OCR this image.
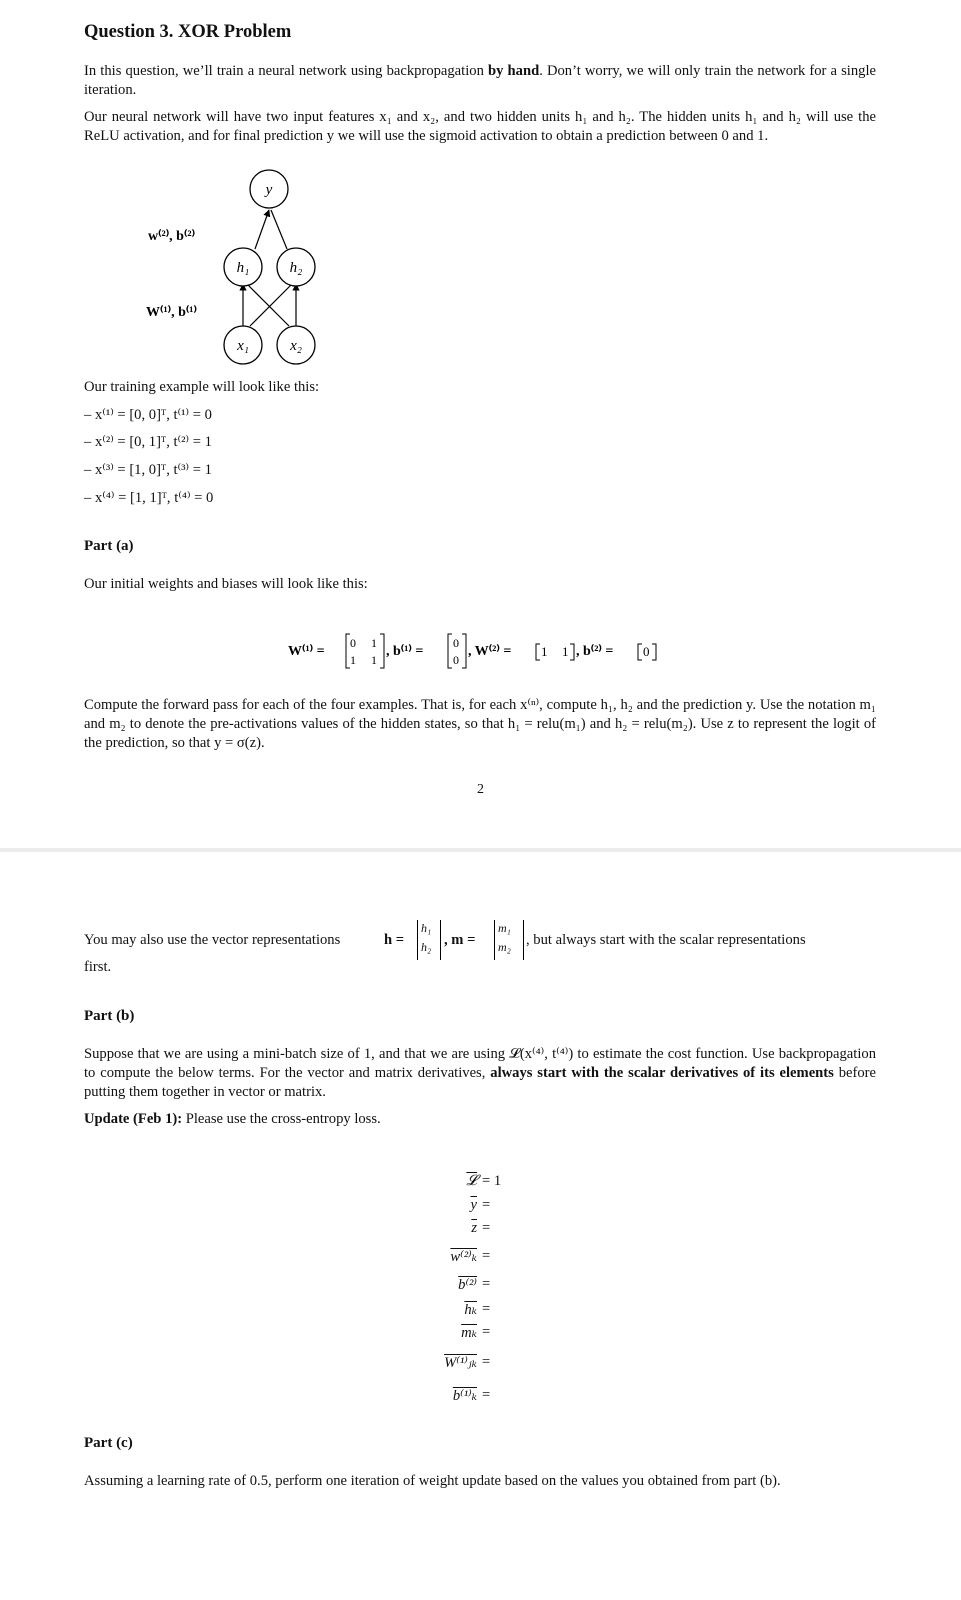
Question 3. XOR Problem

In this question, we’ll train a neural network using backpropagation by hand. Don’t worry, we will only train the network for a single iteration.

Our neural network will have two input features x₁ and x₂, and two hidden units h₁ and h₂. The hidden units h₁ and h₂ will use the ReLU activation, and for final prediction y we will use the sigmoid activation to obtain a prediction between 0 and 1.

y
h₁	h₂
x₁	x₂
w⁽²⁾, b⁽²⁾
W⁽¹⁾, b⁽¹⁾

Our training example will look like this:

– x⁽¹⁾ = [0, 0]ᵀ, t⁽¹⁾ = 0
– x⁽²⁾ = [0, 1]ᵀ, t⁽²⁾ = 1
– x⁽³⁾ = [1, 0]ᵀ, t⁽³⁾ = 1
– x⁽⁴⁾ = [1, 1]ᵀ, t⁽⁴⁾ = 0
Part (a)

Our initial weights and biases will look like this:

W⁽¹⁾ =
0 1
1 1
, b⁽¹⁾ =
0
0
, W⁽²⁾ = 1 1 , b⁽²⁾ = 0

Compute the forward pass for each of the four examples. That is, for each x⁽ⁿ⁾, compute h₁, h₂ and the prediction y. Use the notation m₁ and m₂ to denote the pre-activations values of the hidden states, so that h₁ = relu(m₁) and h₂ = relu(m₂). Use z to represent the logit of the prediction, so that y = σ(z).

2
You may also use the vector representations	h =
h₁
h₂ , m =
m₁
m₂ , but always start with the scalar representations

first.

Part (b)

Suppose that we are using a mini-batch size of 1, and that we are using 𝓛(x⁽⁴⁾, t⁽⁴⁾) to estimate the cost function. Use backpropagation to compute the below terms. For the vector and matrix derivatives, always start with the scalar derivatives of its elements before putting them together in vector or matrix.

Update (Feb 1): Please use the cross-entropy loss.

𝓛 = 1
$\overline{y}$ =
$\overline{z}$ =
w⁽²⁾ₖ =
b⁽²⁾ =
$\overline{h_k}$ =
$\overline{m_k}$ =
W⁽¹⁾ⱼₖ =
b⁽¹⁾ₖ =
Part (c)

Assuming a learning rate of 0.5, perform one iteration of weight update based on the values you obtained from part (b).
